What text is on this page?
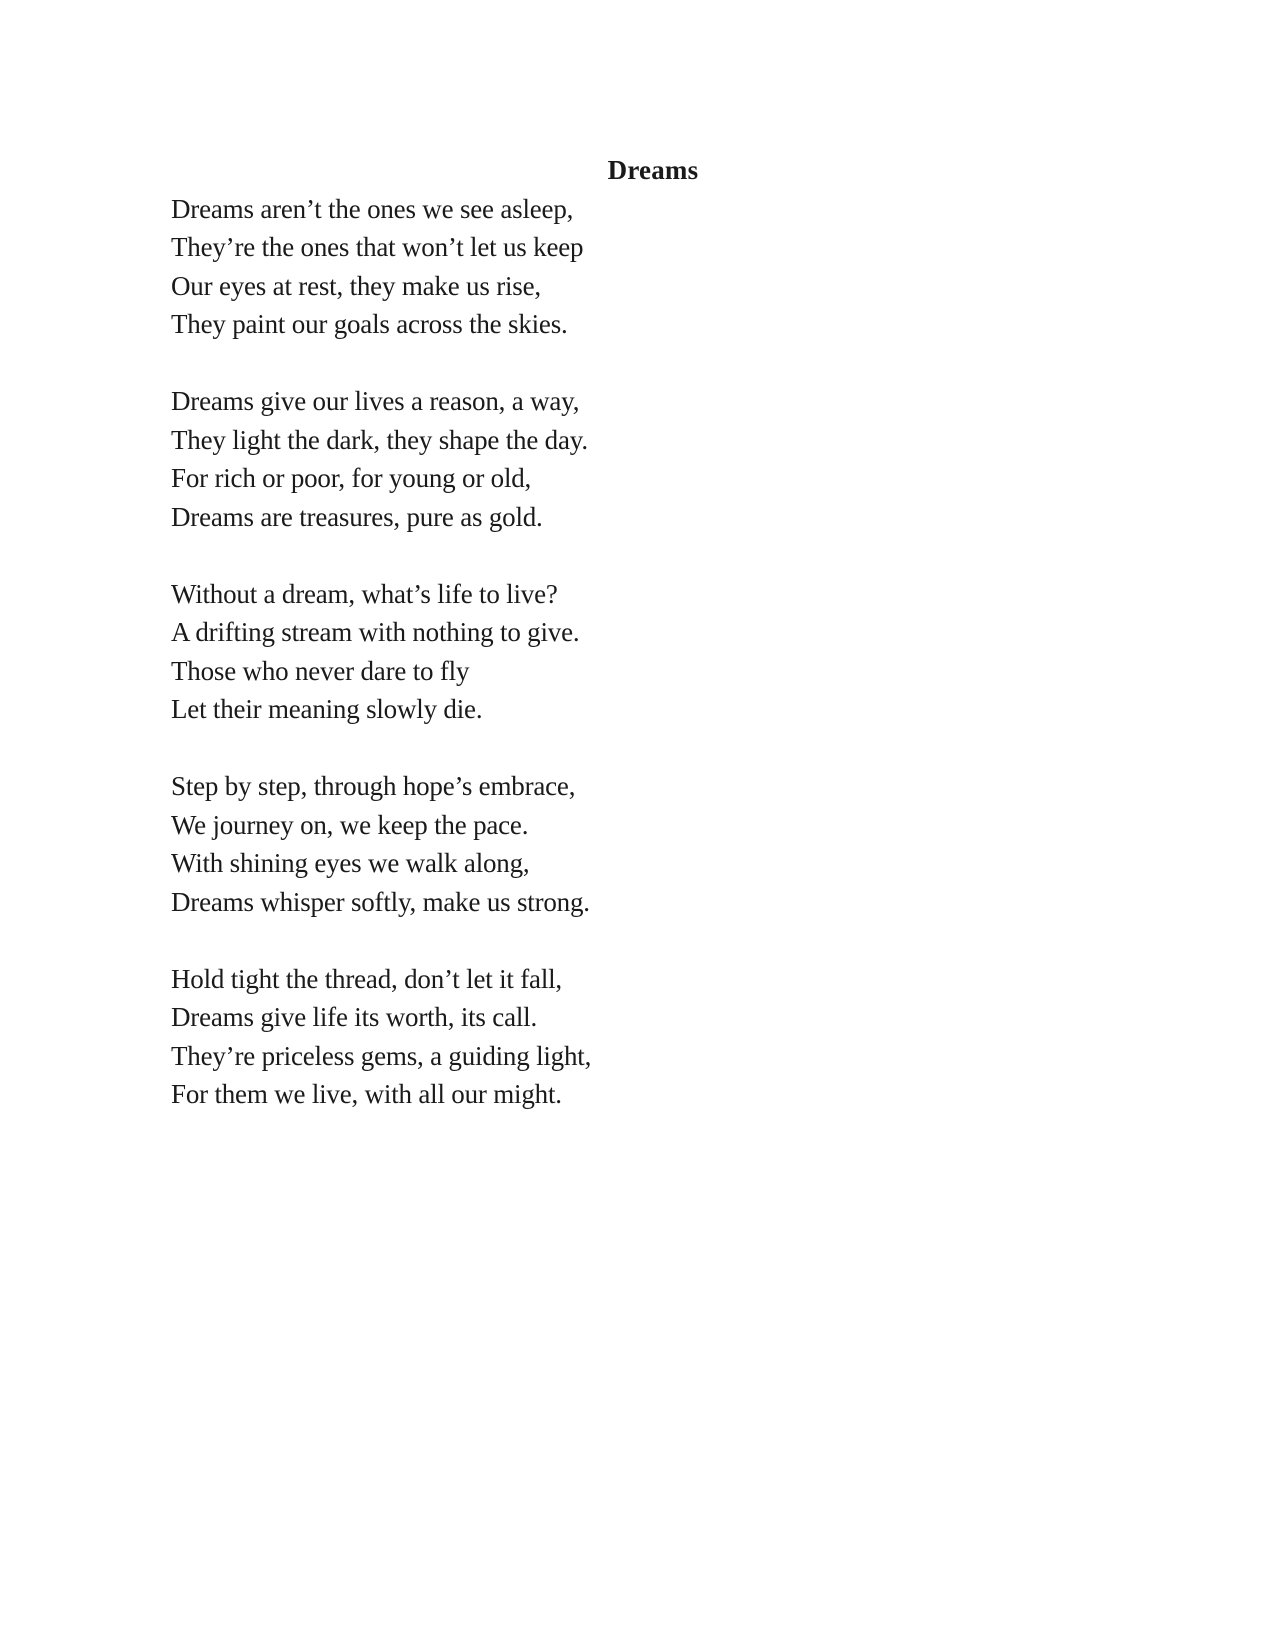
Dreams

Dreams aren’t the ones we see asleep,

They’re the ones that won’t let us keep

Our eyes at rest, they make us rise,

They paint our goals across the skies.

Dreams give our lives a reason, a way,

They light the dark, they shape the day.

For rich or poor, for young or old,

Dreams are treasures, pure as gold.

Without a dream, what’s life to live?

A drifting stream with nothing to give.

Those who never dare to fly

Let their meaning slowly die.

Step by step, through hope’s embrace,

We journey on, we keep the pace.

With shining eyes we walk along,

Dreams whisper softly, make us strong.

Hold tight the thread, don’t let it fall,

Dreams give life its worth, its call.

They’re priceless gems, a guiding light,

For them we live, with all our might.
